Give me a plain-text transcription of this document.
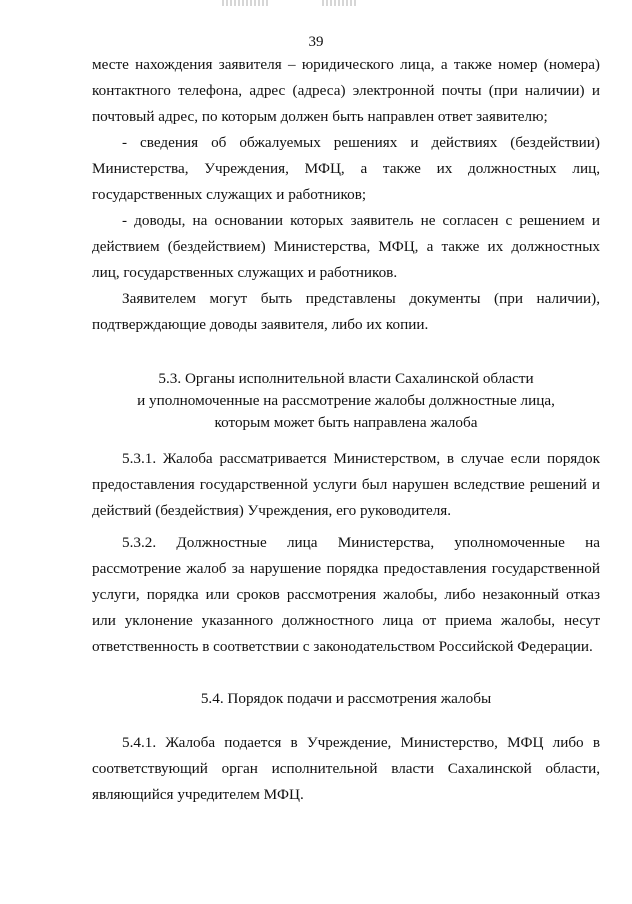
39

месте нахождения заявителя – юридического лица, а также номер (номера) контактного телефона, адрес (адреса) электронной почты (при наличии) и почтовый адрес, по которым должен быть направлен ответ заявителю;

- сведения об обжалуемых решениях и действиях (бездействии) Министерства, Учреждения, МФЦ, а также их должностных лиц, государственных служащих и работников;

- доводы, на основании которых заявитель не согласен с решением и действием (бездействием) Министерства, МФЦ, а также их должностных лиц, государственных служащих и работников.

Заявителем могут быть представлены документы (при наличии), подтверждающие доводы заявителя, либо их копии.

5.3. Органы исполнительной власти Сахалинской области
и уполномоченные на рассмотрение жалобы должностные лица,
которым может быть направлена жалоба

5.3.1. Жалоба рассматривается Министерством, в случае если порядок предоставления государственной услуги был нарушен вследствие решений и действий (бездействия) Учреждения, его руководителя.

5.3.2. Должностные лица Министерства, уполномоченные на рассмотрение жалоб за нарушение порядка предоставления государственной услуги, порядка или сроков рассмотрения жалобы, либо незаконный отказ или уклонение указанного должностного лица от приема жалобы, несут ответственность в соответствии с законодательством Российской Федерации.

5.4. Порядок подачи и рассмотрения жалобы

5.4.1. Жалоба подается в Учреждение, Министерство, МФЦ либо в соответствующий орган исполнительной власти Сахалинской области, являющийся учредителем МФЦ.
